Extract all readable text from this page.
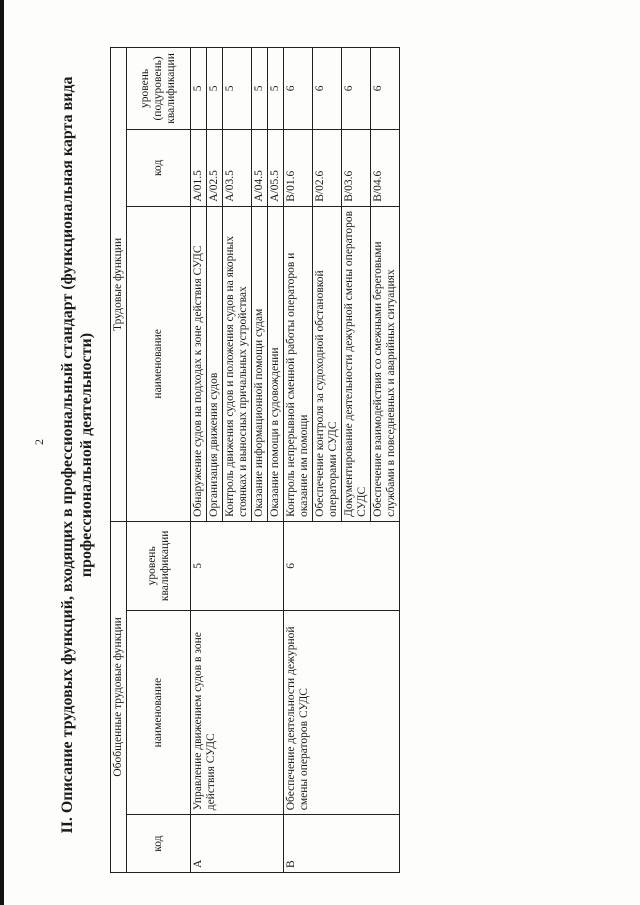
2 II. Описание трудовых функций, входящих в профессиональный стандарт (функциональная карта вида профессиональной деятельности)
Обобщенные трудовые функции			Трудовые функции		
код	наименование	уровень квалификации	наименование	код	уровень (подуровень) квалификации
А	Управление движением судов в зоне действия СУДС	5	Обнаружение судов на подходах к зоне действия СУДС	A/01.5	5
			Организация движения судов	A/02.5	5
			Контроль движения судов и положения судов на якорных стоянках и выносных причальных устройствах	A/03.5	5
			Оказание информационной помощи судам	A/04.5	5
			Оказание помощи в судовождении	A/05.5	5
В	Обеспечение деятельности дежурной смены операторов СУДС	6	Контроль непрерывной сменной работы операторов и оказание им помощи	B/01.6	6
			Обеспечение контроля за судоходной обстановкой операторами СУДС	B/02.6	6
			Документирование деятельности дежурной смены операторов СУДС	B/03.6	6
			Обеспечение взаимодействия со смежными береговыми службами в повседневных и аварийных ситуациях	B/04.6	6
